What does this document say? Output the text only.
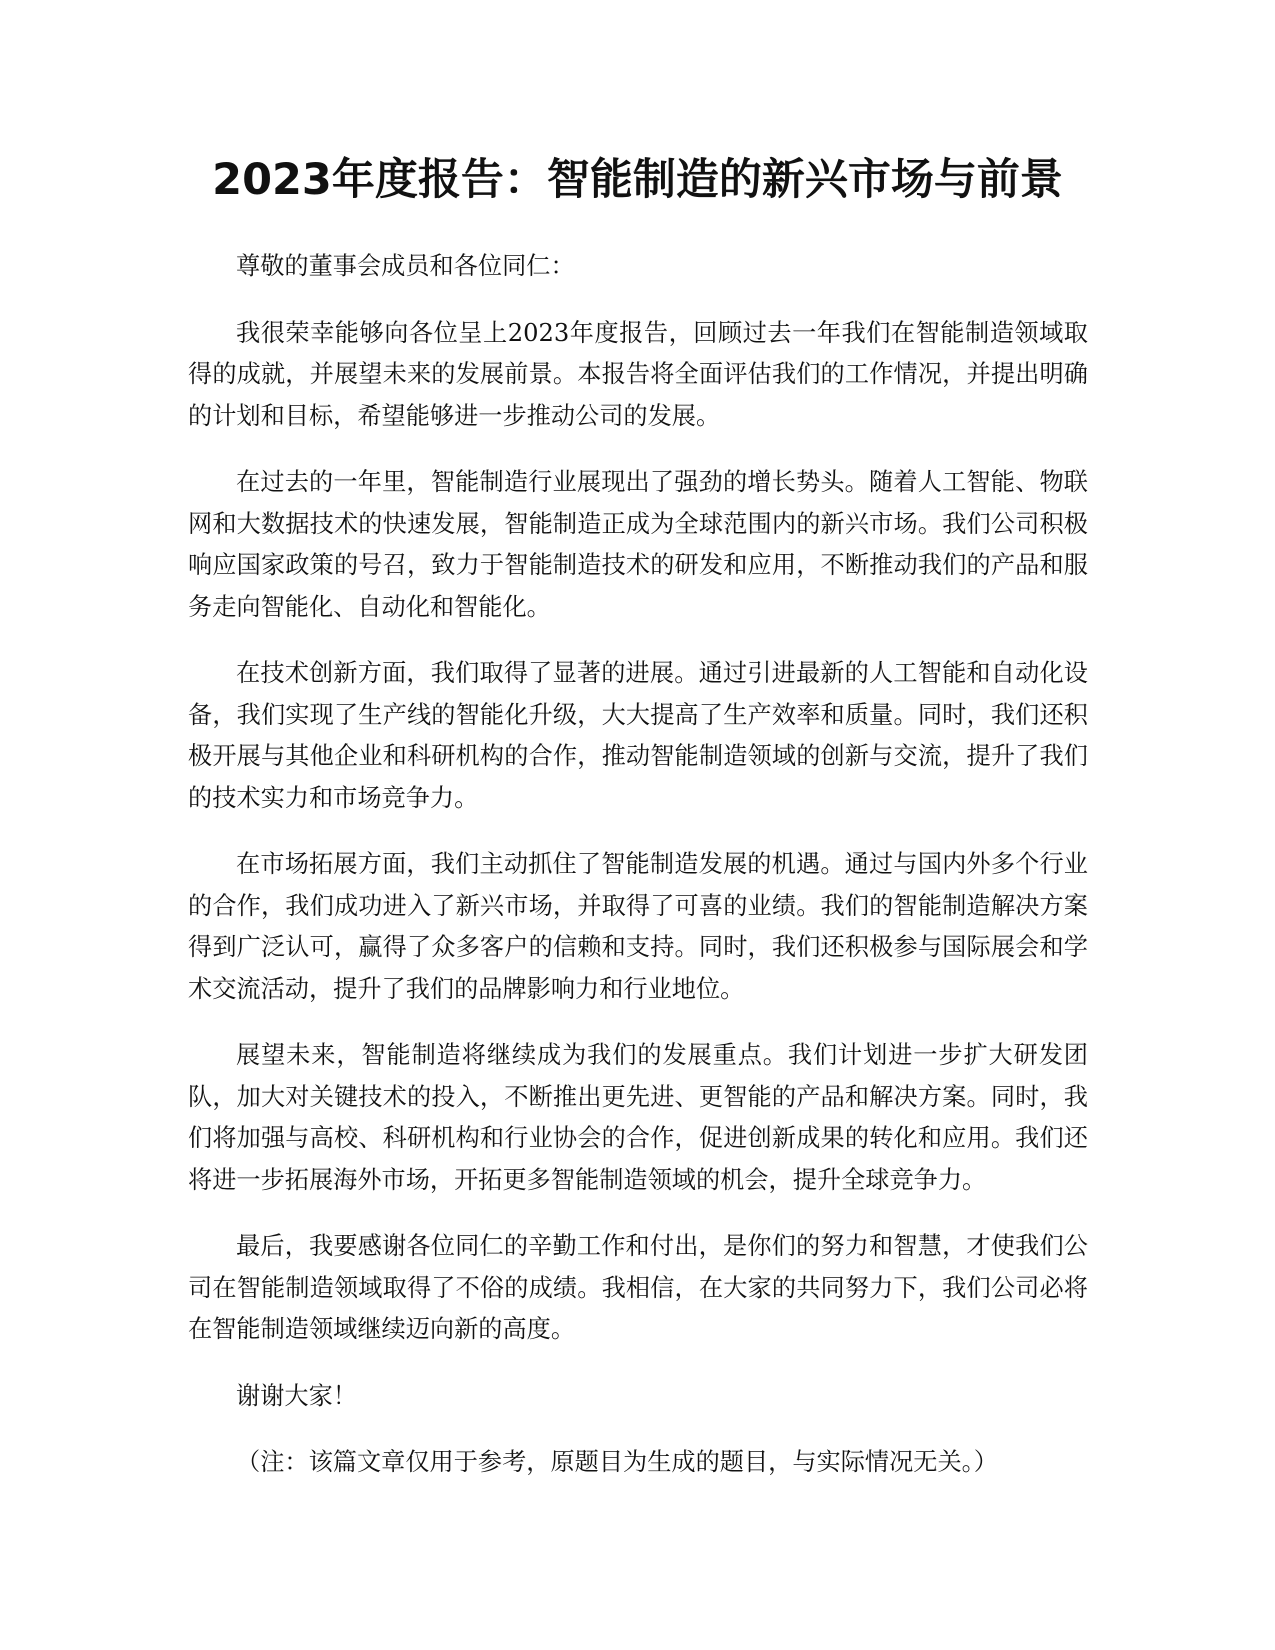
2023年度报告：智能制造的新兴市场与前景

尊敬的董事会成员和各位同仁：

我很荣幸能够向各位呈上2023年度报告，回顾过去一年我们在智能制造领域取得的成就，并展望未来的发展前景。本报告将全面评估我们的工作情况，并提出明确的计划和目标，希望能够进一步推动公司的发展。

在过去的一年里，智能制造行业展现出了强劲的增长势头。随着人工智能、物联网和大数据技术的快速发展，智能制造正成为全球范围内的新兴市场。我们公司积极响应国家政策的号召，致力于智能制造技术的研发和应用，不断推动我们的产品和服务走向智能化、自动化和智能化。

在技术创新方面，我们取得了显著的进展。通过引进最新的人工智能和自动化设备，我们实现了生产线的智能化升级，大大提高了生产效率和质量。同时，我们还积极开展与其他企业和科研机构的合作，推动智能制造领域的创新与交流，提升了我们的技术实力和市场竞争力。

在市场拓展方面，我们主动抓住了智能制造发展的机遇。通过与国内外多个行业的合作，我们成功进入了新兴市场，并取得了可喜的业绩。我们的智能制造解决方案得到广泛认可，赢得了众多客户的信赖和支持。同时，我们还积极参与国际展会和学术交流活动，提升了我们的品牌影响力和行业地位。

展望未来，智能制造将继续成为我们的发展重点。我们计划进一步扩大研发团队，加大对关键技术的投入，不断推出更先进、更智能的产品和解决方案。同时，我们将加强与高校、科研机构和行业协会的合作，促进创新成果的转化和应用。我们还将进一步拓展海外市场，开拓更多智能制造领域的机会，提升全球竞争力。

最后，我要感谢各位同仁的辛勤工作和付出，是你们的努力和智慧，才使我们公司在智能制造领域取得了不俗的成绩。我相信，在大家的共同努力下，我们公司必将在智能制造领域继续迈向新的高度。

谢谢大家！

（注：该篇文章仅用于参考，原题目为生成的题目，与实际情况无关。）
